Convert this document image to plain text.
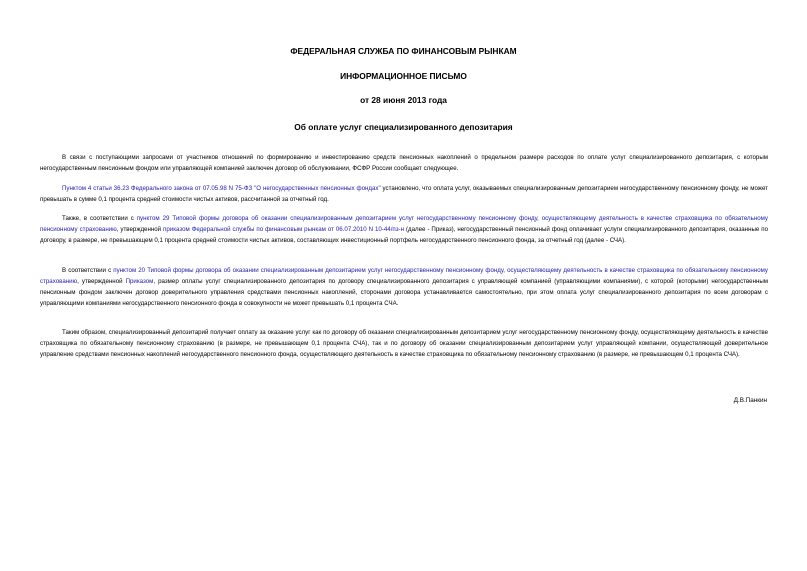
ФЕДЕРАЛЬНАЯ СЛУЖБА ПО ФИНАНСОВЫМ РЫНКАМ
ИНФОРМАЦИОННОЕ ПИСЬМО
от 28 июня 2013 года
Об оплате услуг специализированного депозитария

В связи с поступающими запросами от участников отношений по формированию и инвестированию средств пенсионных накоплений о предельном размере расходов по оплате услуг специализированного депозитария, с которым негосударственным пенсионным фондом или управляющей компанией заключен договор об обслуживании, ФСФР России сообщает следующее.

Пунктом 4 статьи 36.23 Федерального закона от 07.05.98 N 75-ФЗ "О негосударственных пенсионных фондах" установлено, что оплата услуг, оказываемых специализированным депозитарием негосударственному пенсионному фонду, не может превышать в сумме 0,1 процента средней стоимости чистых активов, рассчитанной за отчетный год.

Также, в соответствии с пунктом 29 Типовой формы договора об оказании специализированным депозитарием услуг негосударственному пенсионному фонду, осуществляющему деятельность в качестве страховщика по обязательному пенсионному страхованию, утвержденной приказом Федеральной службы по финансовым рынкам от 06.07.2010 N 10-44/пз-н (далее - Приказ), негосударственный пенсионный фонд оплачивает услуги специализированного депозитария, оказанные по договору, в размере, не превышающем 0,1 процента средней стоимости чистых активов, составляющих инвестиционный портфель негосударственного пенсионного фонда, за отчетный год (далее - СЧА).

В соответствии с пунктом 20 Типовой формы договора об оказании специализированным депозитарием услуг негосударственному пенсионному фонду, осуществляющему деятельность в качестве страховщика по обязательному пенсионному страхованию, утвержденной Приказом, размер оплаты услуг специализированного депозитария по договору специализированного депозитария с управляющей компанией (управляющими компаниями), с которой (которыми) негосударственным пенсионным фондом заключен договор доверительного управления средствами пенсионных накоплений, сторонами договора устанавливается самостоятельно, при этом оплата услуг специализированного депозитария по всем договорам с управляющими компаниями негосударственного пенсионного фонда в совокупности не может превышать 0,1 процента СЧА.

Таким образом, специализированный депозитарий получает оплату за оказание услуг как по договору об оказании специализированным депозитарием услуг негосударственному пенсионному фонду, осуществляющему деятельность в качестве страховщика по обязательному пенсионному страхованию (в размере, не превышающем 0,1 процента СЧА), так и по договору об оказании специализированным депозитарием услуг управляющей компании, осуществляющей доверительное управление средствами пенсионных накоплений негосударственного пенсионного фонда, осуществляющего деятельность в качестве страховщика по обязательному пенсионному страхованию (в размере, не превышающем 0,1 процента СЧА).

Д.В.Панкин
